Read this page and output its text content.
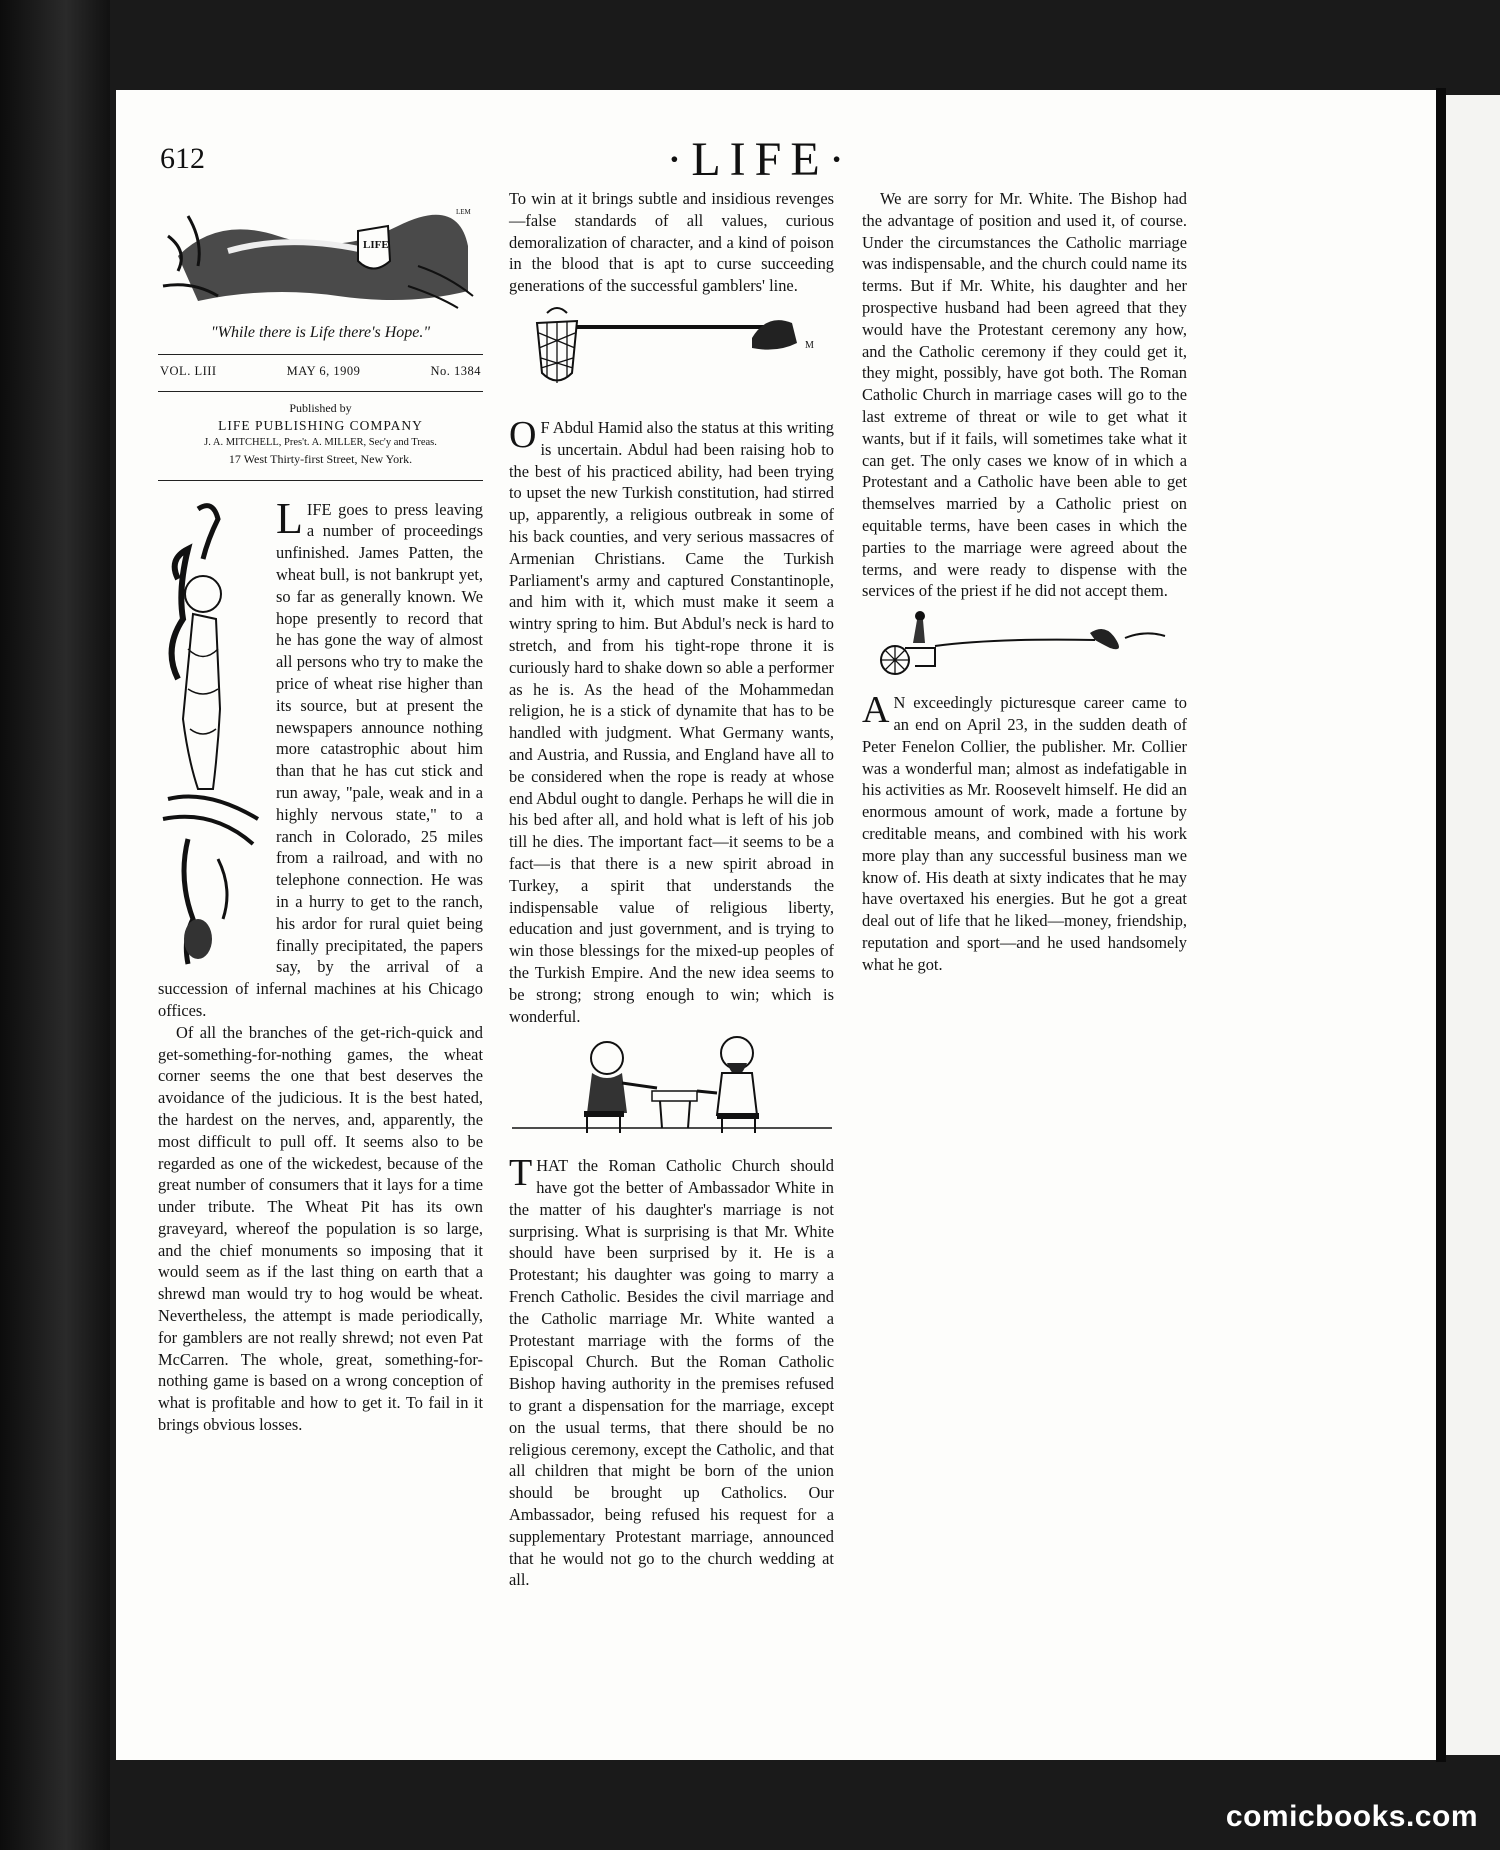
612	·LIFE·
LIFE
LEM
"While there is Life there's Hope."
VOL. LIII	MAY 6, 1909	No. 1384
Published by
LIFE PUBLISHING COMPANY
J. A. MITCHELL, Pres't. A. MILLER, Sec'y and Treas.
17 West Thirty-first Street, New York.

LIFE goes to press leaving a number of proceedings unfinished. James Patten, the wheat bull, is not bankrupt yet, so far as generally known. We hope presently to record that he has gone the way of almost all persons who try to make the price of wheat rise higher than its source, but at present the newspapers announce nothing more catastrophic about him than that he has cut stick and run away, "pale, weak and in a highly nervous state," to a ranch in Colorado, 25 miles from a railroad, and with no telephone connection. He was in a hurry to get to the ranch, his ardor for rural quiet being finally precipitated, the papers say, by the arrival of a succession of infernal machines at his Chicago offices.

Of all the branches of the get-rich-quick and get-something-for-nothing games, the wheat corner seems the one that best deserves the avoidance of the judicious. It is the best hated, the hardest on the nerves, and, apparently, the most difficult to pull off. It seems also to be regarded as one of the wickedest, because of the great number of consumers that it lays for a time under tribute. The Wheat Pit has its own graveyard, whereof the population is so large, and the chief monuments so imposing that it would seem as if the last thing on earth that a shrewd man would try to hog would be wheat. Nevertheless, the attempt is made periodically, for gamblers are not really shrewd; not even Pat McCarren. The whole, great, something-for-nothing game is based on a wrong conception of what is profitable and how to get it. To fail in it brings obvious losses.

To win at it brings subtle and insidious revenges—false standards of all values, curious demoralization of character, and a kind of poison in the blood that is apt to curse succeeding generations of the successful gamblers' line.

M

O F Abdul Hamid also the status at this writing is uncertain. Abdul had been raising hob to the best of his practiced ability, had been trying to upset the new Turkish constitution, had stirred up, apparently, a religious outbreak in some of his back counties, and very serious massacres of Armenian Christians. Came the Turkish Parliament's army and captured Constantinople, and him with it, which must make it seem a wintry spring to him. But Abdul's neck is hard to stretch, and from his tight-rope throne it is curiously hard to shake down so able a performer as he is. As the head of the Mohammedan religion, he is a stick of dynamite that has to be handled with judgment. What Germany wants, and Austria, and Russia, and England have all to be considered when the rope is ready at whose end Abdul ought to dangle. Perhaps he will die in his bed after all, and hold what is left of his job till he dies. The important fact—it seems to be a fact—is that there is a new spirit abroad in Turkey, a spirit that understands the indispensable value of religious liberty, education and just government, and is trying to win those blessings for the mixed-up peoples of the Turkish Empire. And the new idea seems to be strong; strong enough to win; which is wonderful.

THAT the Roman Catholic Church should have got the better of Ambassador White in the matter of his daughter's marriage is not surprising. What is surprising is that Mr. White should have been surprised by it. He is a Protestant; his daughter was going to marry a French Catholic. Besides the civil marriage and the Catholic marriage Mr. White wanted a Protestant marriage with the forms of the Episcopal Church. But the Roman Catholic Bishop having authority in the premises refused to grant a dispensation for the marriage, except on the usual terms, that there should be no religious ceremony, except the Catholic, and that all children that might be born of the union should be brought up Catholics. Our Ambassador, being refused his request for a supplementary Protestant marriage, announced that he would not go to the church wedding at all.

We are sorry for Mr. White. The Bishop had the advantage of position and used it, of course. Under the circumstances the Catholic marriage was indispensable, and the church could name its terms. But if Mr. White, his daughter and her prospective husband had been agreed that they would have the Protestant ceremony any how, and the Catholic ceremony if they could get it, they might, possibly, have got both. The Roman Catholic Church in marriage cases will go to the last extreme of threat or wile to get what it wants, but if it fails, will sometimes take what it can get. The only cases we know of in which a Protestant and a Catholic have been able to get themselves married by a Catholic priest on equitable terms, have been cases in which the parties to the marriage were agreed about the terms, and were ready to dispense with the services of the priest if he did not accept them.

A N exceedingly picturesque career came to an end on April 23, in the sudden death of Peter Fenelon Collier, the publisher. Mr. Collier was a wonderful man; almost as indefatigable in his activities as Mr. Roosevelt himself. He did an enormous amount of work, made a fortune by creditable means, and combined with his work more play than any successful business man we know of. His death at sixty indicates that he may have overtaxed his energies. But he got a great deal out of life that he liked—money, friendship, reputation and sport—and he used handsomely what he got.

comicbooks.com
